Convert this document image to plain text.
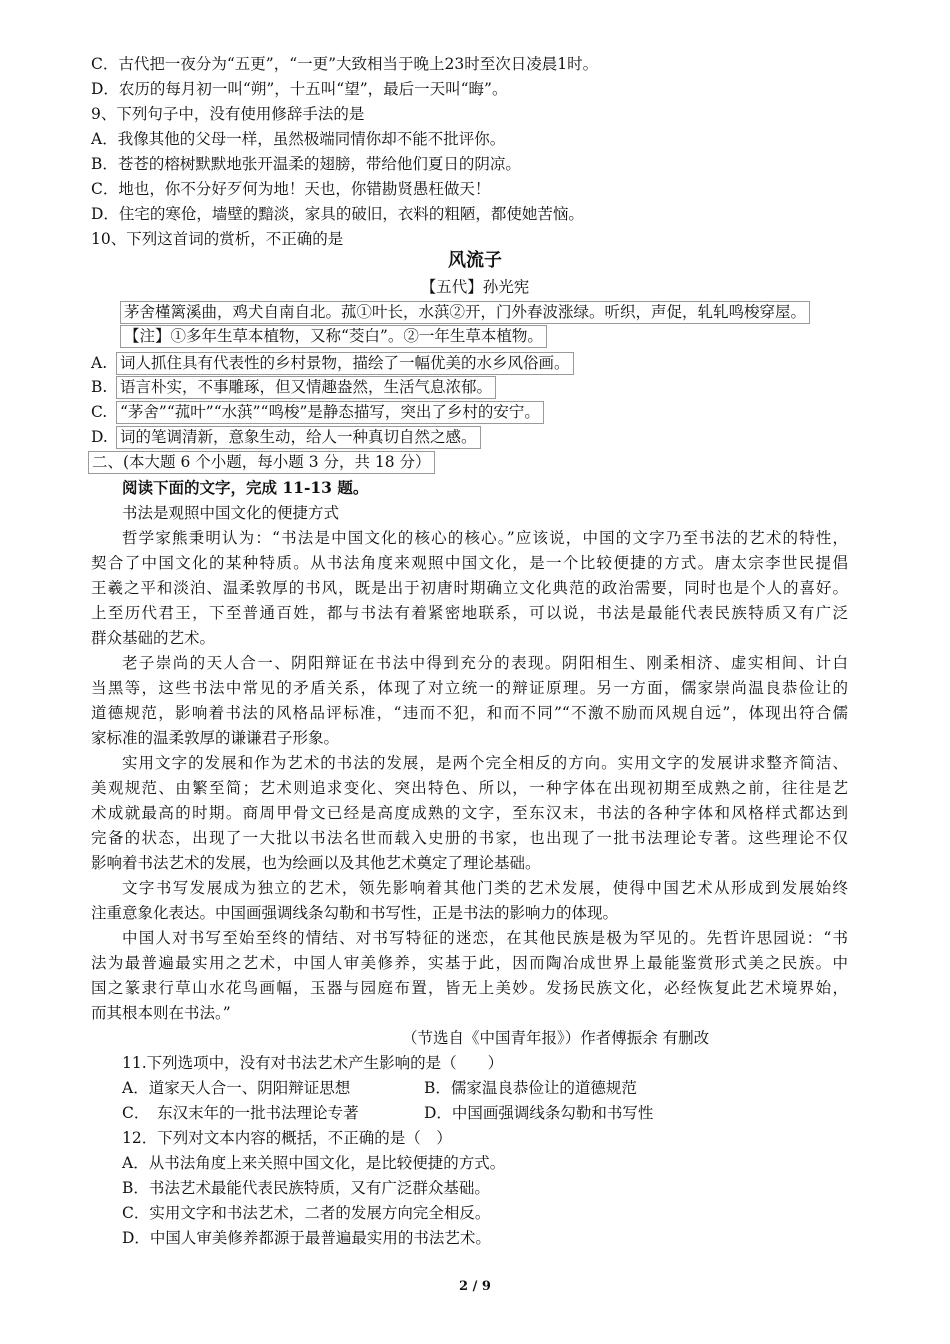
C．古代把一夜分为“五更”，“一更”大致相当于晚上23时至次日凌晨1时。
D．农历的每月初一叫“朔”，十五叫“望”，最后一天叫“晦”。
9、下列句子中，没有使用修辞手法的是
A．我像其他的父母一样，虽然极端同情你却不能不批评你。
B．苍苍的榕树默默地张开温柔的翅膀，带给他们夏日的阴凉。
C．地也，你不分好歹何为地！天也，你错勘贤愚枉做天！
D．住宅的寒伧，墙壁的黯淡，家具的破旧，衣料的粗陋，都使她苦恼。
10、下列这首词的赏析，不正确的是
风流子
【五代】孙光宪
茅舍槿篱溪曲，鸡犬自南自北。菰①叶长，水葓②开，门外春波涨绿。听织，声促，轧轧鸣梭穿屋。
【注】①多年生草本植物，又称“茭白”。②一年生草本植物。
A. 词人抓住具有代表性的乡村景物，描绘了一幅优美的水乡风俗画。
B. 语言朴实，不事雕琢，但又情趣盎然，生活气息浓郁。
C. “茅舍”“菰叶”“水葓”“鸣梭”是静态描写，突出了乡村的安宁。
D. 词的笔调清新，意象生动，给人一种真切自然之感。
二、(本大题 6 个小题，每小题 3 分，共 18 分）
阅读下面的文字，完成 11-13 题。
书法是观照中国文化的便捷方式
哲学家熊秉明认为：“书法是中国文化的核心的核心。”应该说，中国的文字乃至书法的艺术的特性，
契合了中国文化的某种特质。从书法角度来观照中国文化，是一个比较便捷的方式。唐太宗李世民提倡
王羲之平和淡泊、温柔敦厚的书风，既是出于初唐时期确立文化典范的政治需要，同时也是个人的喜好。
上至历代君王，下至普通百姓，都与书法有着紧密地联系，可以说，书法是最能代表民族特质又有广泛
群众基础的艺术。
老子崇尚的天人合一、阴阳辩证在书法中得到充分的表现。阴阳相生、刚柔相济、虚实相间、计白
当黑等，这些书法中常见的矛盾关系，体现了对立统一的辩证原理。另一方面，儒家崇尚温良恭俭让的
道德规范，影响着书法的风格品评标准，“违而不犯，和而不同”“不激不励而风规自远”，体现出符合儒
家标准的温柔敦厚的谦谦君子形象。
实用文字的发展和作为艺术的书法的发展，是两个完全相反的方向。实用文字的发展讲求整齐简洁、
美观规范、由繁至简；艺术则追求变化、突出特色、所以，一种字体在出现初期至成熟之前，往往是艺
术成就最高的时期。商周甲骨文已经是高度成熟的文字，至东汉末，书法的各种字体和风格样式都达到
完备的状态，出现了一大批以书法名世而载入史册的书家，也出现了一批书法理论专著。这些理论不仅
影响着书法艺术的发展，也为绘画以及其他艺术奠定了理论基础。
文字书写发展成为独立的艺术，领先影响着其他门类的艺术发展，使得中国艺术从形成到发展始终
注重意象化表达。中国画强调线条勾勒和书写性，正是书法的影响力的体现。
中国人对书写至始至终的情结、对书写特征的迷恋，在其他民族是极为罕见的。先哲许思园说：“书
法为最普遍最实用之艺术，中国人审美修养，实基于此，因而陶冶成世界上最能鉴赏形式美之民族。中
国之篆隶行草山水花鸟画幅，玉器与园庭布置，皆无上美妙。发扬民族文化，必经恢复此艺术境界始，
而其根本则在书法。”
（节选自《中国青年报》）作者傅振余 有删改
11.下列选项中，没有对书法艺术产生影响的是（　　）
A．道家天人合一、阴阳辩证思想	B．儒家温良恭俭让的道德规范
C．　东汉末年的一批书法理论专著	D．中国画强调线条勾勒和书写性
12．下列对文本内容的概括，不正确的是（　）
A．从书法角度上来关照中国文化，是比较便捷的方式。
B．书法艺术最能代表民族特质，又有广泛群众基础。
C．实用文字和书法艺术，二者的发展方向完全相反。
D．中国人审美修养都源于最普遍最实用的书法艺术。
2 / 9
